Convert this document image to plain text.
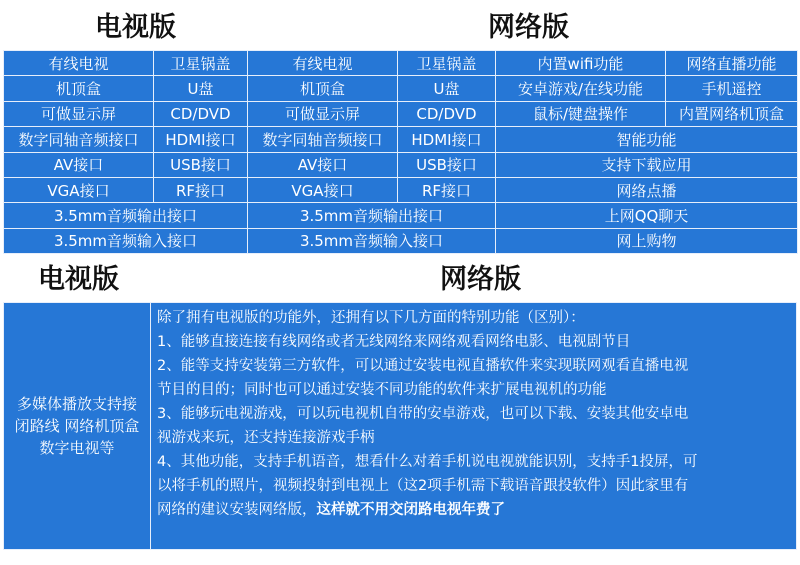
电视版	网络版
有线电视	卫星锅盖	有线电视	卫星锅盖	内置wifi功能	网络直播功能
机顶盒	U盘	机顶盒	U盘	安卓游戏/在线功能	手机遥控
可做显示屏	CD/DVD	可做显示屏	CD/DVD	鼠标/键盘操作	内置网络机顶盒
数字同轴音频接口	HDMI接口	数字同轴音频接口	HDMI接口	智能功能	
AV接口	USB接口	AV接口	USB接口	支持下载应用	
VGA接口	RF接口	VGA接口	RF接口	网络点播	
3.5mm音频输出接口		3.5mm音频输出接口		上网QQ聊天	
3.5mm音频输入接口		3.5mm音频输入接口		网上购物	
电视版	网络版
多媒体播放支持接
闭路线 网络机顶盒
数字电视等

除了拥有电视版的功能外，还拥有以下几方面的特别功能（区别）：
1、能够直接连接有线网络或者无线网络来网络观看网络电影、电视剧节目
2、能等支持安装第三方软件，可以通过安装电视直播软件来实现联网观看直播电视
节目的目的；同时也可以通过安装不同功能的软件来扩展电视机的功能
3、能够玩电视游戏，可以玩电视机自带的安卓游戏，也可以下载、安装其他安卓电
视游戏来玩，还支持连接游戏手柄
4、其他功能，支持手机语音，想看什么对着手机说电视就能识别，支持手1投屏，可
以将手机的照片，视频投射到电视上（这2项手机需下载语音跟投软件）因此家里有
网络的建议安装网络版，这样就不用交闭路电视年费了
